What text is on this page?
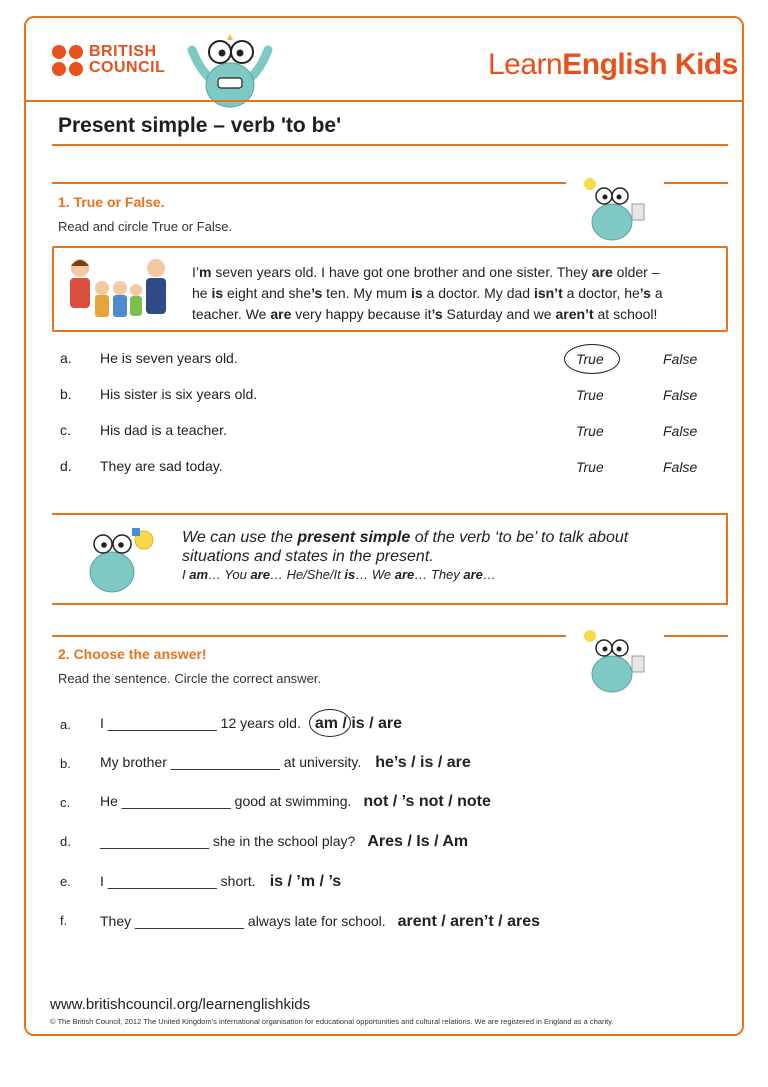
BRITISH
COUNCIL	LearnEnglish Kids
Present simple – verb 'to be'
1. True or False.
Read and circle True or False.
I’m seven years old. I have got one brother and one sister. They are older –
he is eight and she’s ten. My mum is a doctor. My dad isn’t a doctor, he’s a
teacher. We are very happy because it’s Saturday and we aren’t at school!
a. He is seven years old.	True	False
b. His sister is six years old.	True	False
c. His dad is a teacher.	True	False
d. They are sad today.	True	False
We can use the present simple of the verb ‘to be’ to talk about
situations and states in the present.
I am… You are… He/She/It is… We are… They are…
2. Choose the answer!
Read the sentence. Circle the correct answer.
a. I ______________ 12 years old. am / is / are
b. My brother ______________ at university. he’s / is / are
c. He ______________ good at swimming. not / ’s not / note
d. ______________ she in the school play? Ares / Is / Am
e. I ______________ short. is / ’m / ’s
f. They ______________ always late for school. arent / aren’t / ares
www.britishcouncil.org/learnenglishkids
© The British Council, 2012 The United Kingdom’s international organisation for educational opportunities and cultural relations. We are registered in England as a charity.
